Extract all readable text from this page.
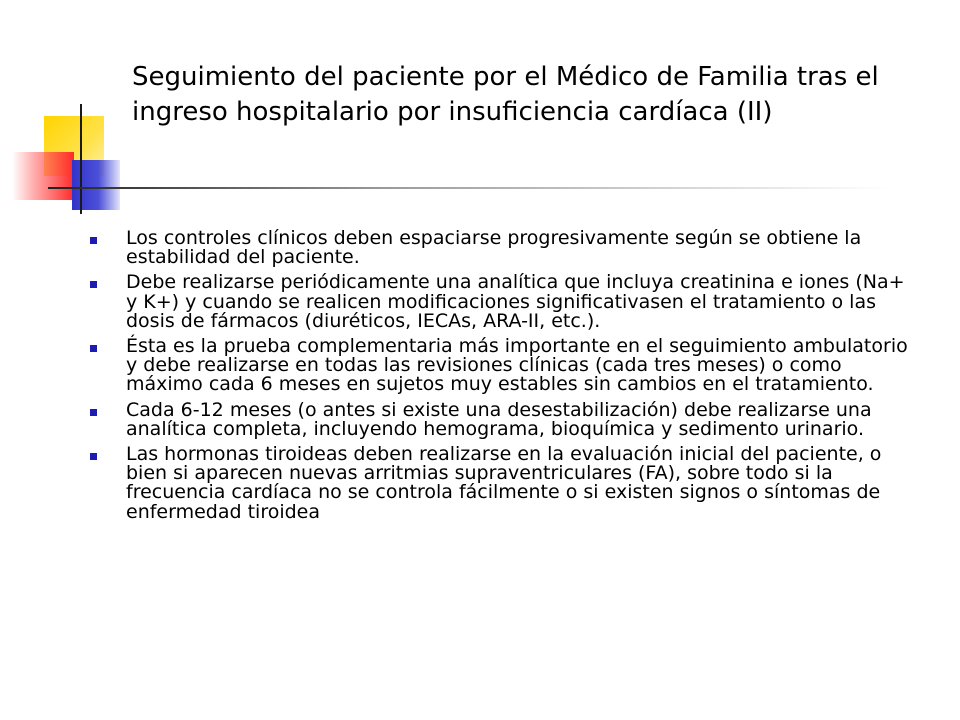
Seguimiento del paciente por el Médico de Familia tras el ingreso hospitalario por insuficiencia cardíaca (II)
Los controles clínicos deben espaciarse progresivamente según se obtiene la estabilidad del paciente.
Debe realizarse periódicamente una analítica que incluya creatinina e iones (Na+ y K+) y cuando se realicen modificaciones significativasen el tratamiento o las dosis de fármacos (diuréticos, IECAs, ARA-II, etc.).
Ésta es la prueba complementaria más importante en el seguimiento ambulatorio y debe realizarse en todas las revisiones clínicas (cada tres meses) o como máximo cada 6 meses en sujetos muy estables sin cambios en el tratamiento.
Cada 6-12 meses (o antes si existe una desestabilización) debe realizarse una analítica completa, incluyendo hemograma, bioquímica y sedimento urinario.
Las hormonas tiroideas deben realizarse en la evaluación inicial del paciente, o bien si aparecen nuevas arritmias supraventriculares (FA), sobre todo si la frecuencia cardíaca no se controla fácilmente o si existen signos o síntomas de enfermedad tiroidea
